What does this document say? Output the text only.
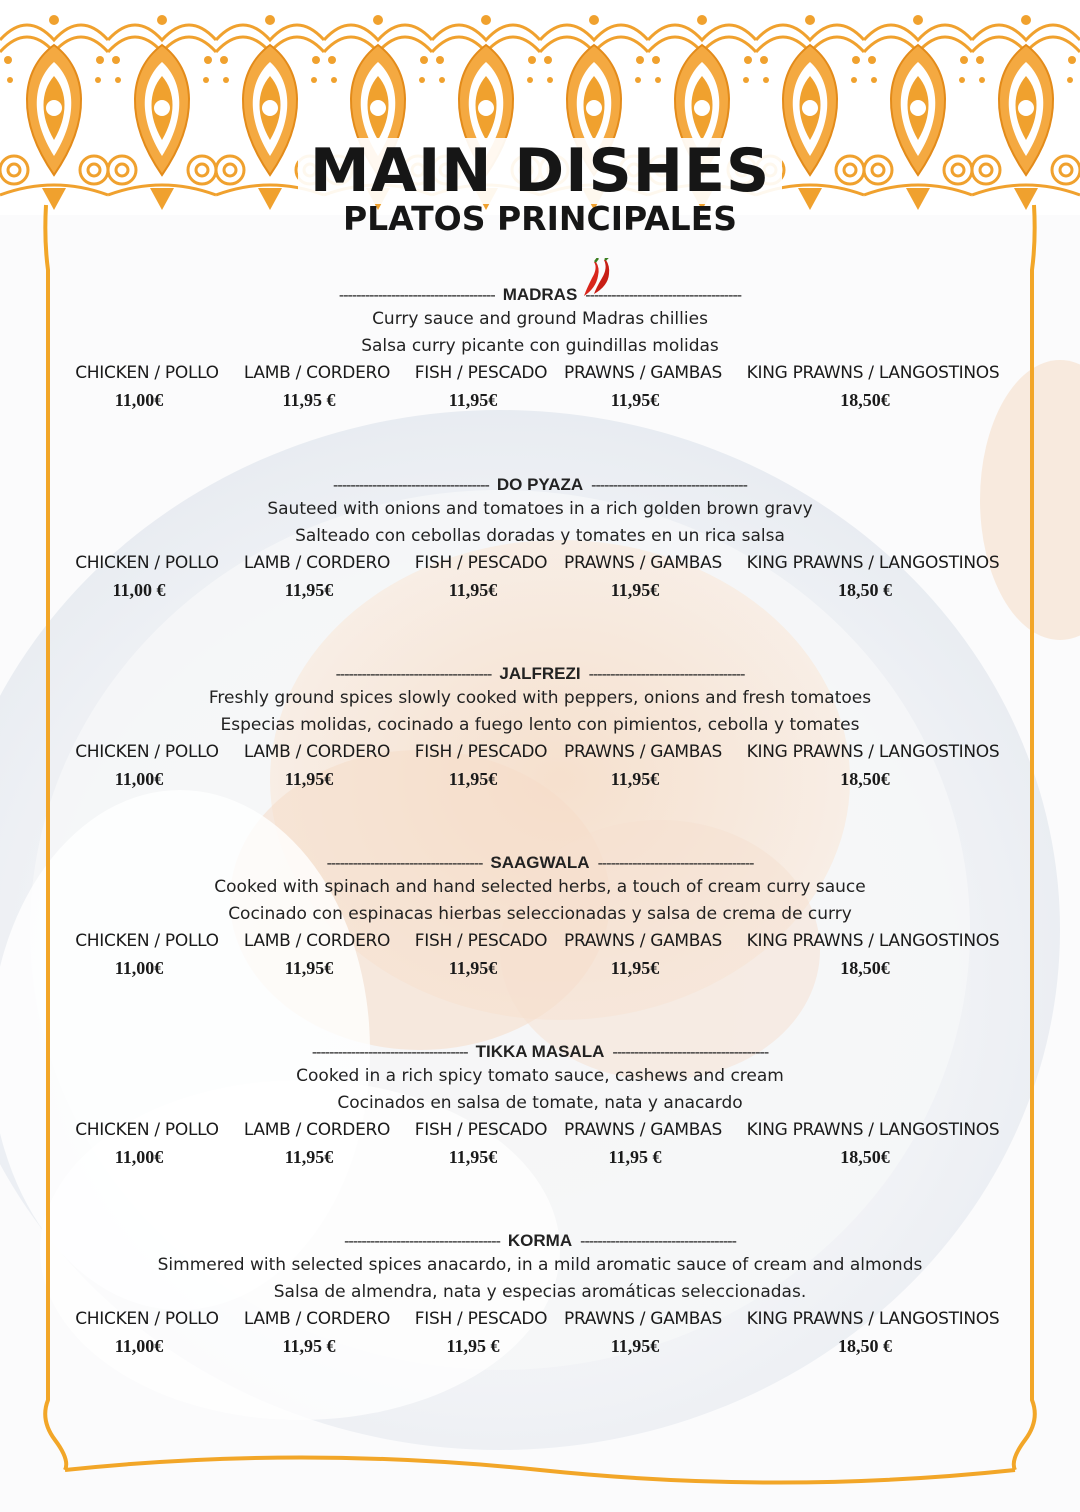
MAIN DISHES
PLATOS PRINCIPALES
------------------------------------ MADRAS ------------------------------------
Curry sauce and ground Madras chillies
Salsa curry picante con guindillas molidas
CHICKEN / POLLO LAMB / CORDERO FISH / PESCADO PRAWNS / GAMBAS KING PRAWNS / LANGOSTINOS
11,00€	11,95 €	11,95€	11,95€	18,50€
------------------------------------ DO PYAZA ------------------------------------
Sauteed with onions and tomatoes in a rich golden brown gravy
Salteado con cebollas doradas y tomates en un rica salsa
CHICKEN / POLLO LAMB / CORDERO FISH / PESCADO PRAWNS / GAMBAS KING PRAWNS / LANGOSTINOS
11,00 €	11,95€	11,95€	11,95€	18,50 €
------------------------------------ JALFREZI ------------------------------------
Freshly ground spices slowly cooked with peppers, onions and fresh tomatoes
Especias molidas, cocinado a fuego lento con pimientos, cebolla y tomates
CHICKEN / POLLO LAMB / CORDERO FISH / PESCADO PRAWNS / GAMBAS KING PRAWNS / LANGOSTINOS
11,00€	11,95€	11,95€	11,95€	18,50€
------------------------------------ SAAGWALA ------------------------------------
Cooked with spinach and hand selected herbs, a touch of cream curry sauce
Cocinado con espinacas hierbas seleccionadas y salsa de crema de curry
CHICKEN / POLLO LAMB / CORDERO FISH / PESCADO PRAWNS / GAMBAS KING PRAWNS / LANGOSTINOS
11,00€	11,95€	11,95€	11,95€	18,50€
------------------------------------ TIKKA MASALA ------------------------------------
Cooked in a rich spicy tomato sauce, cashews and cream
Cocinados en salsa de tomate, nata y anacardo
CHICKEN / POLLO LAMB / CORDERO FISH / PESCADO PRAWNS / GAMBAS KING PRAWNS / LANGOSTINOS
11,00€	11,95€	11,95€	11,95 €	18,50€
------------------------------------ KORMA ------------------------------------
Simmered with selected spices anacardo, in a mild aromatic sauce of cream and almonds
Salsa de almendra, nata y especias aromáticas seleccionadas.
CHICKEN / POLLO LAMB / CORDERO FISH / PESCADO PRAWNS / GAMBAS KING PRAWNS / LANGOSTINOS
11,00€	11,95 €	11,95 €	11,95€	18,50 €
